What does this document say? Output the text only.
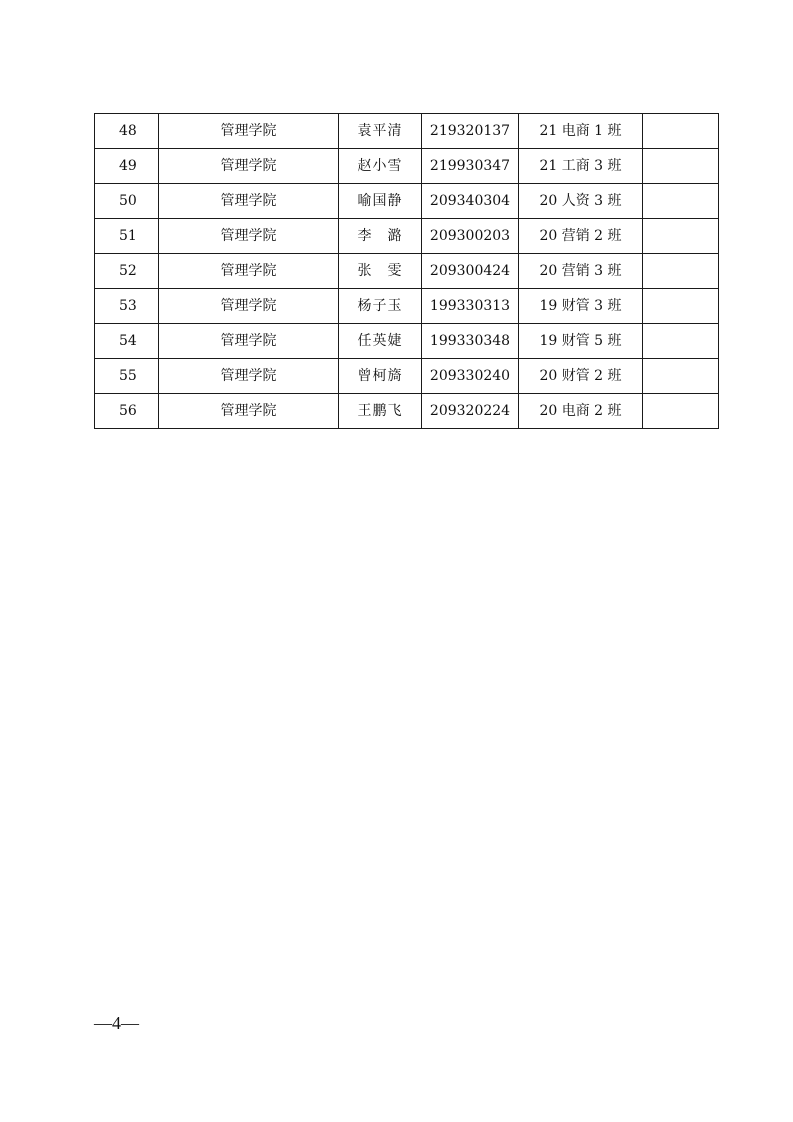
48	管理学院	袁平清	219320137	21 电商 1 班	
49	管理学院	赵小雪	219930347	21 工商 3 班	
50	管理学院	喻国静	209340304	20 人资 3 班	
51	管理学院	李　潞	209300203	20 营销 2 班	
52	管理学院	张　雯	209300424	20 营销 3 班	
53	管理学院	杨子玉	199330313	19 财管 3 班	
54	管理学院	任英婕	199330348	19 财管 5 班	
55	管理学院	曾柯旖	209330240	20 财管 2 班	
56	管理学院	王鹏飞	209320224	20 电商 2 班	
—4—
